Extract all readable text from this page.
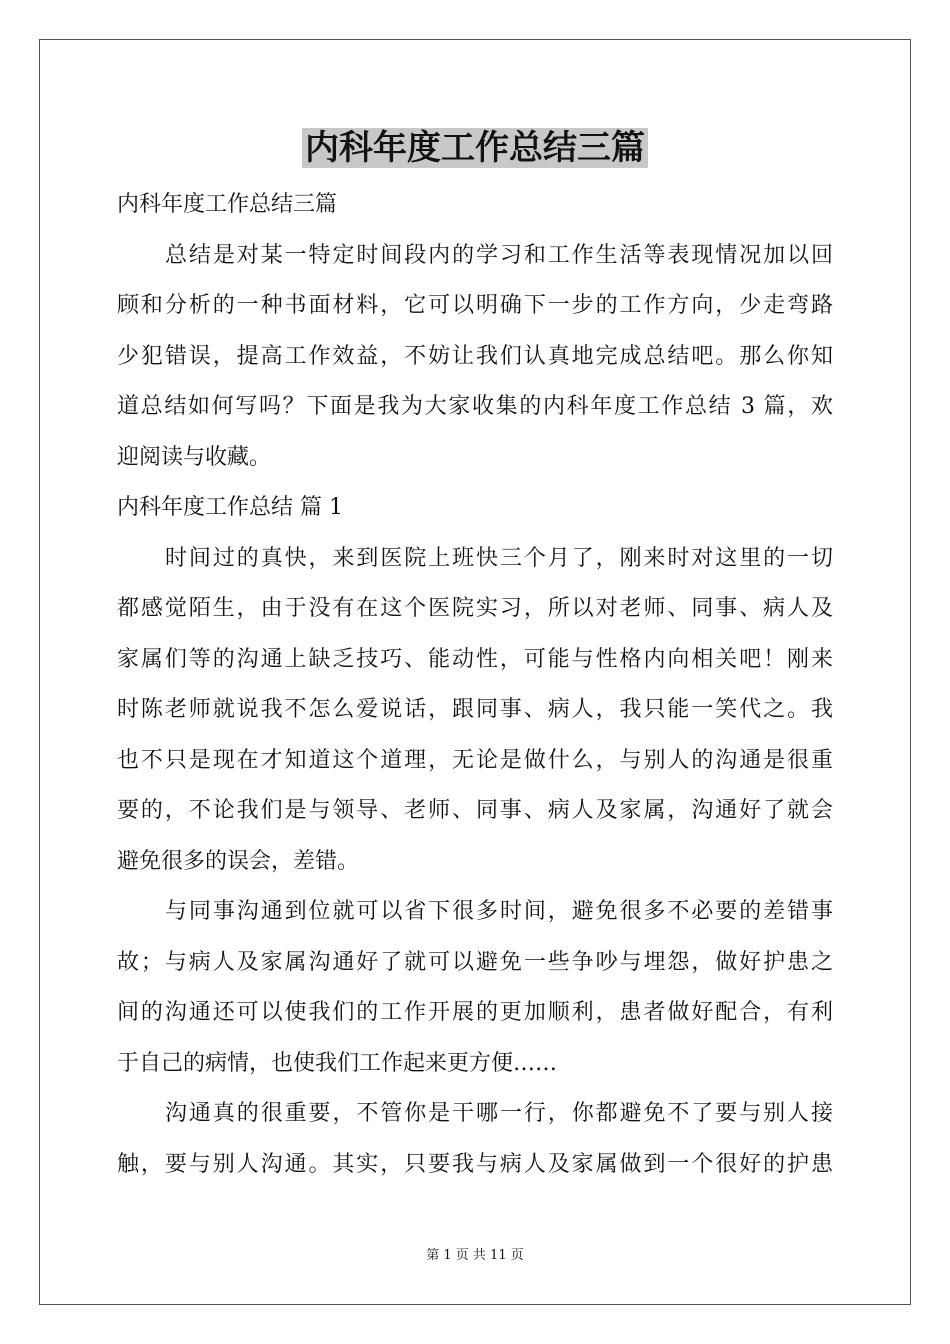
内科年度工作总结三篇
内科年度工作总结三篇
总结是对某一特定时间段内的学习和工作生活等表现情况加以回
顾和分析的一种书面材料，它可以明确下一步的工作方向，少走弯路
少犯错误，提高工作效益，不妨让我们认真地完成总结吧。那么你知
道总结如何写吗？下面是我为大家收集的内科年度工作总结 3 篇，欢
迎阅读与收藏。
内科年度工作总结 篇 1
时间过的真快，来到医院上班快三个月了，刚来时对这里的一切
都感觉陌生，由于没有在这个医院实习，所以对老师、同事、病人及
家属们等的沟通上缺乏技巧、能动性，可能与性格内向相关吧！刚来
时陈老师就说我不怎么爱说话，跟同事、病人，我只能一笑代之。我
也不只是现在才知道这个道理，无论是做什么，与别人的沟通是很重
要的，不论我们是与领导、老师、同事、病人及家属，沟通好了就会
避免很多的误会，差错。
与同事沟通到位就可以省下很多时间，避免很多不必要的差错事
故；与病人及家属沟通好了就可以避免一些争吵与埋怨，做好护患之
间的沟通还可以使我们的工作开展的更加顺利，患者做好配合，有利
于自己的病情，也使我们工作起来更方便……
沟通真的很重要，不管你是干哪一行，你都避免不了要与别人接
触，要与别人沟通。其实，只要我与病人及家属做到一个很好的护患
第 1 页 共 11 页
